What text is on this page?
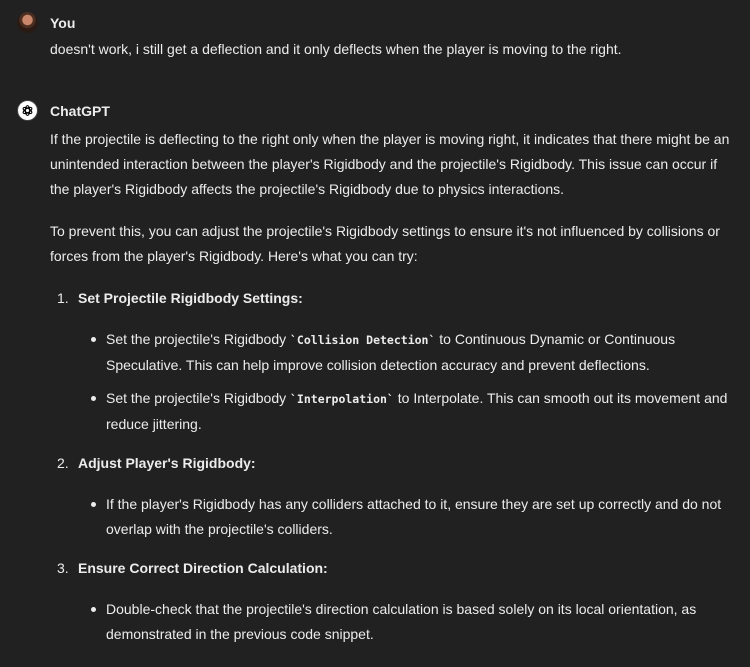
You
doesn't work, i still get a deflection and it only deflects when the player is moving to the right.
ChatGPT

If the projectile is deflecting to the right only when the player is moving right, it indicates that there might be an unintended interaction between the player's Rigidbody and the projectile's Rigidbody. This issue can occur if the player's Rigidbody affects the projectile's Rigidbody due to physics interactions.

To prevent this, you can adjust the projectile's Rigidbody settings to ensure it's not influenced by collisions or forces from the player's Rigidbody. Here's what you can try:

1. Set Projectile Rigidbody Settings:
Set the projectile's Rigidbody `Collision Detection` to Continuous Dynamic or Continuous Speculative. This can help improve collision detection accuracy and prevent deflections.
Set the projectile's Rigidbody `Interpolation` to Interpolate. This can smooth out its movement and reduce jittering.
2. Adjust Player's Rigidbody:
If the player's Rigidbody has any colliders attached to it, ensure they are set up correctly and do not overlap with the projectile's colliders.
3. Ensure Correct Direction Calculation:
Double-check that the projectile's direction calculation is based solely on its local orientation, as demonstrated in the previous code snippet.
